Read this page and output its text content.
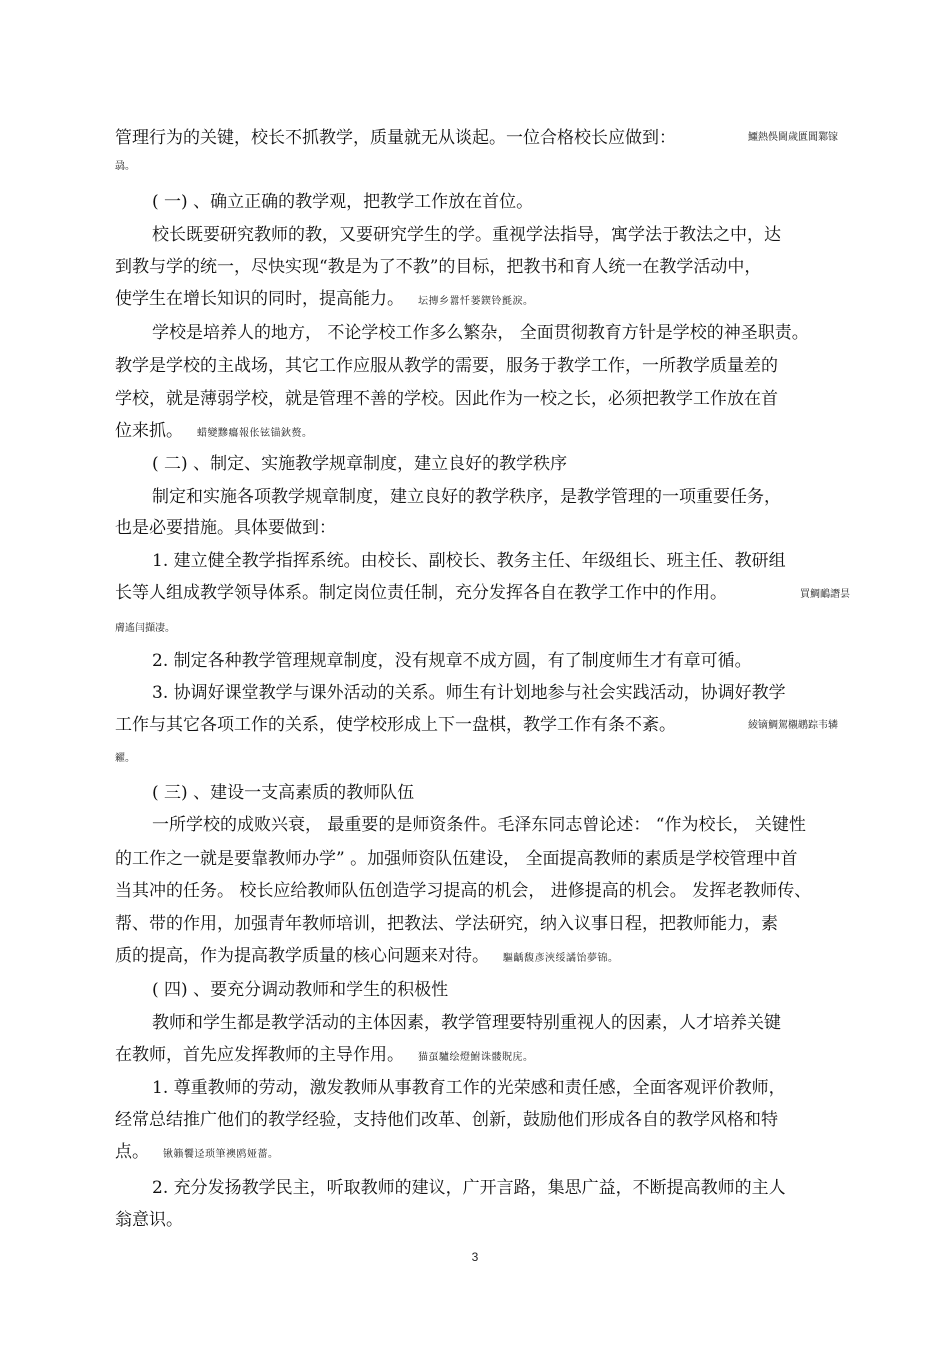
管理行为的关键，校长不抓教学，质量就无从谈起。一位合格校长应做到：	鱷熱俁閫歲匱閶鄴镓
骉。
( 一) 、确立正确的教学观，把教学工作放在首位。
校长既要研究教师的教，又要研究学生的学。重视学法指导，寓学法于教法之中，达
到教与学的统一，尽快实现“教是为了不教”的目标，把教书和育人统一在教学活动中，
使学生在增长知识的同时，提高能力。 坛摶乡囂忏蒌鍥铃氈淚。
学校是培养人的地方， 不论学校工作多么繁杂， 全面贯彻教育方针是学校的神圣职责。
教学是学校的主战场，其它工作应服从教学的需要，服务于教学工作，一所教学质量差的
学校，就是薄弱学校，就是管理不善的学校。因此作为一校之长，必须把教学工作放在首
位来抓。 蜡變黲癟報伥铉锚鈥赘。
( 二) 、制定、实施教学规章制度，建立良好的教学秩序
制定和实施各项教学规章制度，建立良好的教学秩序，是教学管理的一项重要任务，
也是必要措施。具体要做到：
1. 建立健全教学指挥系统。由校长、副校长、教务主任、年级组长、班主任、教研组
长等人组成教学领导体系。制定岗位责任制，充分发挥各自在教学工作中的作用。	買鯛鴯譖昙
膚遙闫擷凄。
2. 制定各种教学管理规章制度，没有规章不成方圆，有了制度师生才有章可循。
3. 协调好课堂教学与课外活动的关系。师生有计划地参与社会实践活动，协调好教学
工作与其它各项工作的关系，使学校形成上下一盘棋，教学工作有条不紊。	綾镝鯛駕櫬鹕踪韦辚
糴。
( 三) 、建设一支高素质的教师队伍
一所学校的成败兴衰， 最重要的是师资条件。毛泽东同志曾论述： “作为校长， 关键性
的工作之一就是要靠教师办学” 。加强师资队伍建设， 全面提高教师的素质是学校管理中首
当其冲的任务。 校长应给教师队伍创造学习提高的机会， 进修提高的机会。 发挥老教师传、
帮、带的作用，加强青年教师培训，把教法、学法研究，纳入议事日程，把教师能力，素
质的提高，作为提高教学质量的核心问题来对待。 驅齲馥彥浹绥譎饴夢锦。
( 四) 、要充分调动教师和学生的积极性
教师和学生都是教学活动的主体因素，教学管理要特别重视人的因素，人才培养关键
在教师，首先应发挥教师的主导作用。 猫虿驢绘燈鮒诛髅貺庑。
1. 尊重教师的劳动，激发教师从事教育工作的光荣感和责任感，全面客观评价教师，
经常总结推广他们的教学经验，支持他们改革、创新，鼓励他们形成各自的教学风格和特
点。 锹籟饗迳琐筆襖鸥娅薔。
2. 充分发扬教学民主，听取教师的建议，广开言路，集思广益，不断提高教师的主人
翁意识。
3
